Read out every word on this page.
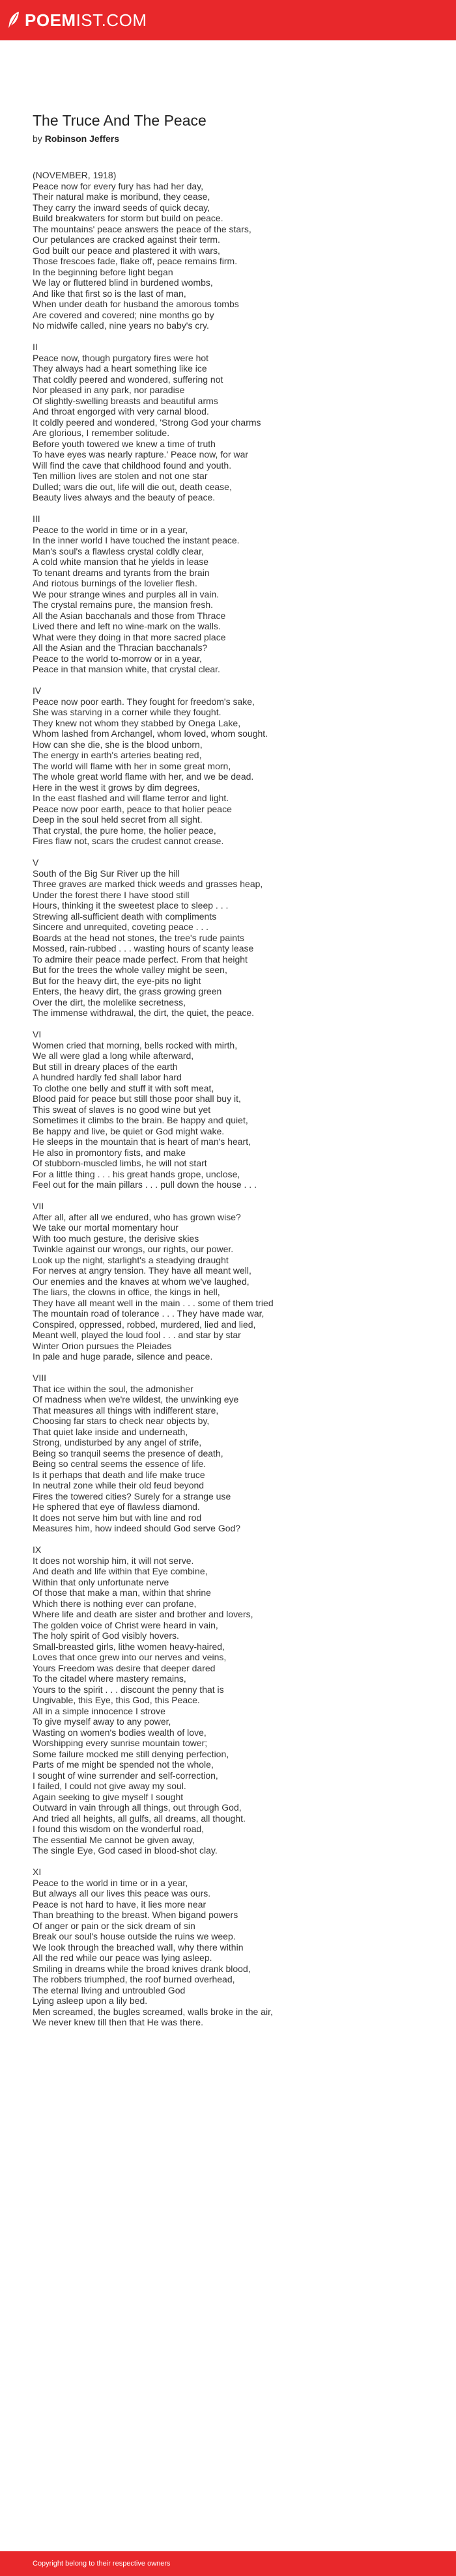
POEMIST.COM
The Truce And The Peace
by Robinson Jeffers
(NOVEMBER, 1918)
Peace now for every fury has had her day,
Their natural make is moribund, they cease,
They carry the inward seeds of quick decay,
Build breakwaters for storm but build on peace.
The mountains' peace answers the peace of the stars,
Our petulances are cracked against their term.
God built our peace and plastered it with wars,
Those frescoes fade, flake off, peace remains firm.
In the beginning before light began
We lay or fluttered blind in burdened wombs,
And like that first so is the last of man,
When under death for husband the amorous tombs
Are covered and covered; nine months go by
No midwife called, nine years no baby's cry.
II
Peace now, though purgatory fires were hot
They always had a heart something like ice
That coldly peered and wondered, suffering not
Nor pleased in any park, nor paradise
Of slightly-swelling breasts and beautiful arms
And throat engorged with very carnal blood.
It coldly peered and wondered, 'Strong God your charms
Are glorious, I remember solitude.
Before youth towered we knew a time of truth
To have eyes was nearly rapture.' Peace now, for war
Will find the cave that childhood found and youth.
Ten million lives are stolen and not one star
Dulled; wars die out, life will die out, death cease,
Beauty lives always and the beauty of peace.
III
Peace to the world in time or in a year,
In the inner world I have touched the instant peace.
Man's soul's a flawless crystal coldly clear,
A cold white mansion that he yields in lease
To tenant dreams and tyrants from the brain
And riotous burnings of the lovelier flesh.
We pour strange wines and purples all in vain.
The crystal remains pure, the mansion fresh.
All the Asian bacchanals and those from Thrace
Lived there and left no wine-mark on the walls.
What were they doing in that more sacred place
All the Asian and the Thracian bacchanals?
Peace to the world to-morrow or in a year,
Peace in that mansion white, that crystal clear.
IV
Peace now poor earth. They fought for freedom's sake,
She was starving in a corner while they fought.
They knew not whom they stabbed by Onega Lake,
Whom lashed from Archangel, whom loved, whom sought.
How can she die, she is the blood unborn,
The energy in earth's arteries beating red,
The world will flame with her in some great morn,
The whole great world flame with her, and we be dead.
Here in the west it grows by dim degrees,
In the east flashed and will flame terror and light.
Peace now poor earth, peace to that holier peace
Deep in the soul held secret from all sight.
That crystal, the pure home, the holier peace,
Fires flaw not, scars the crudest cannot crease.
V
South of the Big Sur River up the hill
Three graves are marked thick weeds and grasses heap,
Under the forest there I have stood still
Hours, thinking it the sweetest place to sleep . . .
Strewing all-sufficient death with compliments
Sincere and unrequited, coveting peace . . .
Boards at the head not stones, the tree's rude paints
Mossed, rain-rubbed . . . wasting hours of scanty lease
To admire their peace made perfect. From that height
But for the trees the whole valley might be seen,
But for the heavy dirt, the eye-pits no light
Enters, the heavy dirt, the grass growing green
Over the dirt, the molelike secretness,
The immense withdrawal, the dirt, the quiet, the peace.
VI
Women cried that morning, bells rocked with mirth,
We all were glad a long while afterward,
But still in dreary places of the earth
A hundred hardly fed shall labor hard
To clothe one belly and stuff it with soft meat,
Blood paid for peace but still those poor shall buy it,
This sweat of slaves is no good wine but yet
Sometimes it climbs to the brain. Be happy and quiet,
Be happy and live, be quiet or God might wake.
He sleeps in the mountain that is heart of man's heart,
He also in promontory fists, and make
Of stubborn-muscled limbs, he will not start
For a little thing . . . his great hands grope, unclose,
Feel out for the main pillars . . . pull down the house . . .
VII
After all, after all we endured, who has grown wise?
We take our mortal momentary hour
With too much gesture, the derisive skies
Twinkle against our wrongs, our rights, our power.
Look up the night, starlight's a steadying draught
For nerves at angry tension. They have all meant well,
Our enemies and the knaves at whom we've laughed,
The liars, the clowns in office, the kings in hell,
They have all meant well in the main . . . some of them tried
The mountain road of tolerance . . . They have made war,
Conspired, oppressed, robbed, murdered, lied and lied,
Meant well, played the loud fool . . . and star by star
Winter Orion pursues the Pleiades
In pale and huge parade, silence and peace.
VIII
That ice within the soul, the admonisher
Of madness when we're wildest, the unwinking eye
That measures all things with indifferent stare,
Choosing far stars to check near objects by,
That quiet lake inside and underneath,
Strong, undisturbed by any angel of strife,
Being so tranquil seems the presence of death,
Being so central seems the essence of life.
Is it perhaps that death and life make truce
In neutral zone while their old feud beyond
Fires the towered cities? Surely for a strange use
He sphered that eye of flawless diamond.
It does not serve him but with line and rod
Measures him, how indeed should God serve God?
IX
It does not worship him, it will not serve.
And death and life within that Eye combine,
Within that only unfortunate nerve
Of those that make a man, within that shrine
Which there is nothing ever can profane,
Where life and death are sister and brother and lovers,
The golden voice of Christ were heard in vain,
The holy spirit of God visibly hovers.
Small-breasted girls, lithe women heavy-haired,
Loves that once grew into our nerves and veins,
Yours Freedom was desire that deeper dared
To the citadel where mastery remains,
Yours to the spirit . . . discount the penny that is
Ungivable, this Eye, this God, this Peace.
All in a simple innocence I strove
To give myself away to any power,
Wasting on women's bodies wealth of love,
Worshipping every sunrise mountain tower;
Some failure mocked me still denying perfection,
Parts of me might be spended not the whole,
I sought of wine surrender and self-correction,
I failed, I could not give away my soul.
Again seeking to give myself I sought
Outward in vain through all things, out through God,
And tried all heights, all gulfs, all dreams, all thought.
I found this wisdom on the wonderful road,
The essential Me cannot be given away,
The single Eye, God cased in blood-shot clay.
XI
Peace to the world in time or in a year,
But always all our lives this peace was ours.
Peace is not hard to have, it lies more near
Than breathing to the breast. When bigand powers
Of anger or pain or the sick dream of sin
Break our soul's house outside the ruins we weep.
We look through the breached wall, why there within
All the red while our peace was lying asleep.
Smiling in dreams while the broad knives drank blood,
The robbers triumphed, the roof burned overhead,
The eternal living and untroubled God
Lying asleep upon a lily bed.
Men screamed, the bugles screamed, walls broke in the air,
We never knew till then that He was there.
Copyright belong to their respective owners
